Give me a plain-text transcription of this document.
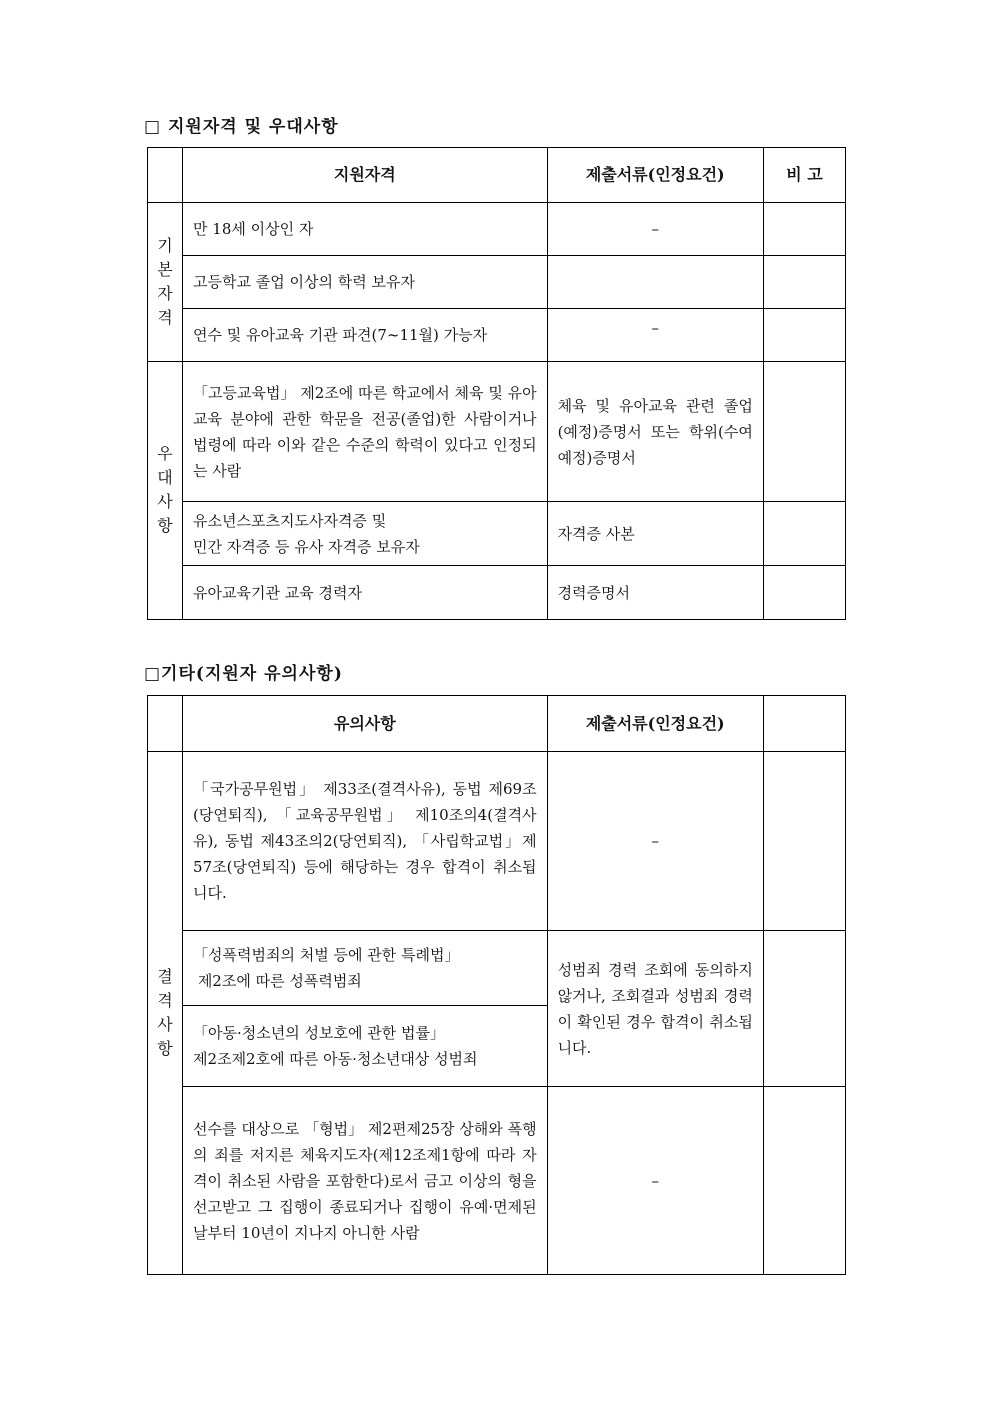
□ 지원자격 및 우대사항
	지원자격	제출서류(인정요건)	비 고
기본자격	만 18세 이상인 자	–	
	고등학교 졸업 이상의 학력 보유자		
	연수 및 유아교육 기관 파견(7~11월) 가능자	–	
우대사항	「고등교육법」 제2조에 따른 학교에서 체육 및 유아교육 분야에 관한 학문을 전공(졸업)한 사람이거나 법령에 따라 이와 같은 수준의 학력이 있다고 인정되는 사람	체육 및 유아교육 관련 졸업(예정)증명서 또는 학위(수여예정)증명서	

	유소년스포츠지도사자격증 및
민간 자격증 등 유사 자격증 보유자	자격증 사본	
	유아교육기관 교육 경력자	경력증명서	
□기타(지원자 유의사항)
	유의사항	제출서류(인정요건)	
결격사항	「국가공무원법」 제33조(결격사유), 동법 제69조(당연퇴직), 「교육공무원법」 제10조의4(결격사유), 동법 제43조의2(당연퇴직), 「사립학교법」제57조(당연퇴직) 등에 해당하는 경우 합격이 취소됩니다.	–	

	「성폭력범죄의 처벌 등에 관한 특례법」
제2조에 따른 성폭력범죄	성범죄 경력 조회에 동의하지 않거나, 조회결과 성범죄 경력이 확인된 경우 합격이 취소됩니다.	

	「아동·청소년의 성보호에 관한 법률」
제2조제2호에 따른 아동·청소년대상 성범죄		

	선수를 대상으로 「형법」 제2편제25장 상해와 폭행의 죄를 저지른 체육지도자(제12조제1항에 따라 자격이 취소된 사람을 포함한다)로서 금고 이상의 형을 선고받고 그 집행이 종료되거나 집행이 유예·면제된 날부터 10년이 지나지 아니한 사람	–	
